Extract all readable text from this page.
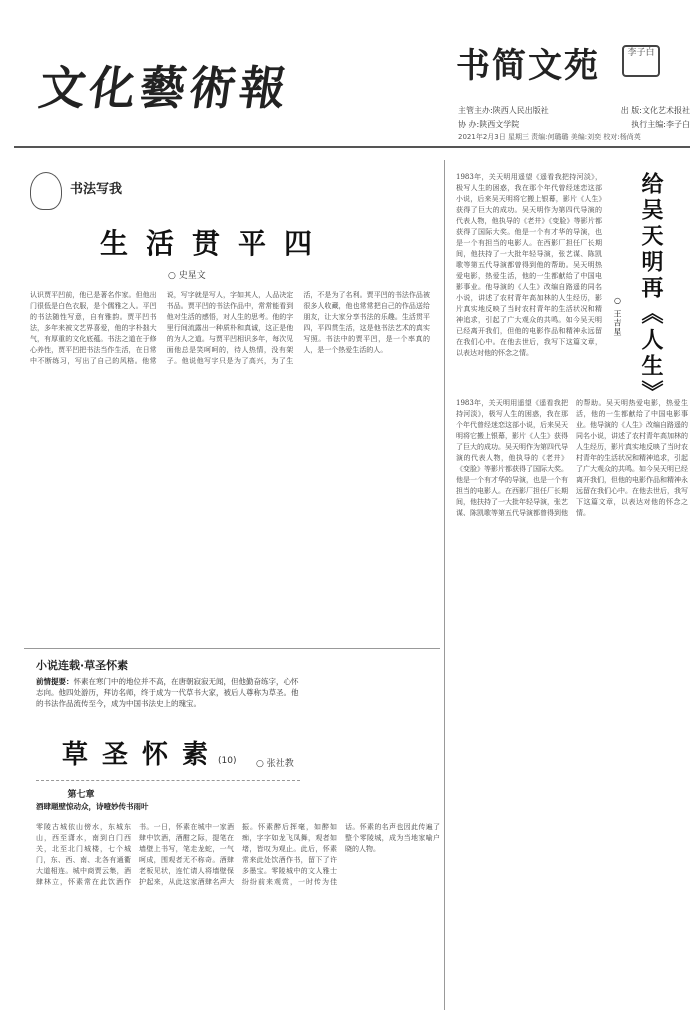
文化藝術報	书简文苑	李子白
主管主办:陕西人民出版社	出 版:文化艺术报社
协 办:陕西文学院	执行主编:李子白
2021年2月3日 星期三 责编:何璐璐 美编:刘奕 校对:杨尚英
书法写我
生活贯平四
○ 史星文
认识贾平凹前，他已是著名作家。但他出门很低是白色衣服，是个儒雅之人。平凹的书法随性写意，自有雅韵。贾平凹书法，多年来被文艺界喜爱，他的字朴拙大气，有厚重的文化底蕴。书法之道在于修心养性，贾平凹把书法当作生活，在日常中不断练习，写出了自己的风格。他常说，写字就是写人，字如其人，人品决定书品。贾平凹的书法作品中，常常能看到他对生活的感悟，对人生的思考。他的字里行间流露出一种质朴和真诚，这正是他的为人之道。与贾平凹相识多年，每次见面他总是笑呵呵的，待人热情，没有架子。他说他写字只是为了高兴，为了生活，不是为了名利。贾平凹的书法作品被很多人收藏，他也常常把自己的作品送给朋友，让大家分享书法的乐趣。生活贯平四，平四贯生活，这是他书法艺术的真实写照。书法中的贾平凹，是一个率真的人，是一个热爱生活的人。
小说连载·草圣怀素
前情提要：怀素在寒门中的地位并不高，在唐朝寂寂无闻，但他勤奋练字，心怀志向。他四处游历，拜访名师，终于成为一代草书大家，被后人尊称为草圣。他的书法作品流传至今，成为中国书法史上的瑰宝。
草圣怀素
(10) ○ 张社教
第七章
酒肆题壁惊动众，诗噎妙传书雨叶
零陵古城依山傍水，东城东山，西至潇水，南到白门西关，北至北门城楼，七个城门，东、西、南、北各有通衢大道相连。城中商贾云集，酒肆林立，怀素常在此饮酒作书。一日，怀素在城中一家酒肆中饮酒，酒酣之际，提笔在墙壁上书写，笔走龙蛇，一气呵成，围观者无不称奇。酒肆老板见状，连忙请人将墙壁保护起来，从此这家酒肆名声大振。怀素醉后挥毫，如醉如痴，字字如龙飞凤舞，观者如堵，皆叹为观止。此后，怀素常来此处饮酒作书，留下了许多墨宝。零陵城中的文人雅士纷纷前来观赏，一时传为佳话。怀素的名声也因此传遍了整个零陵城，成为当地家喻户晓的人物。
给吴天明再《人生》
○ 王吉星
1983年，关天明用遥望《遥看我把持河淡》，极写人生的困惑，我在那个年代曾经迷恋这部小说，后来吴天明将它搬上银幕，影片《人生》获得了巨大的成功。吴天明作为第四代导演的代表人物，他执导的《老井》《变脸》等影片都获得了国际大奖。他是一个有才华的导演，也是一个有担当的电影人。在西影厂担任厂长期间，他扶持了一大批年轻导演，张艺谋、陈凯歌等第五代导演都曾得到他的帮助。吴天明热爱电影，热爱生活，他的一生都献给了中国电影事业。他导演的《人生》改编自路遥的同名小说，讲述了农村青年高加林的人生经历，影片真实地反映了当时农村青年的生活状况和精神追求，引起了广大观众的共鸣。如今吴天明已经离开我们，但他的电影作品和精神永远留在我们心中。在他去世后，我写下这篇文章，以表达对他的怀念之情。
1983年，关天明用遥望《遥看我把持河淡》，极写人生的困惑，我在那个年代曾经迷恋这部小说，后来吴天明将它搬上银幕，影片《人生》获得了巨大的成功。吴天明作为第四代导演的代表人物，他执导的《老井》《变脸》等影片都获得了国际大奖。他是一个有才华的导演，也是一个有担当的电影人。在西影厂担任厂长期间，他扶持了一大批年轻导演，张艺谋、陈凯歌等第五代导演都曾得到他的帮助。吴天明热爱电影，热爱生活，他的一生都献给了中国电影事业。他导演的《人生》改编自路遥的同名小说，讲述了农村青年高加林的人生经历，影片真实地反映了当时农村青年的生活状况和精神追求，引起了广大观众的共鸣。如今吴天明已经离开我们，但他的电影作品和精神永远留在我们心中。在他去世后，我写下这篇文章，以表达对他的怀念之情。
